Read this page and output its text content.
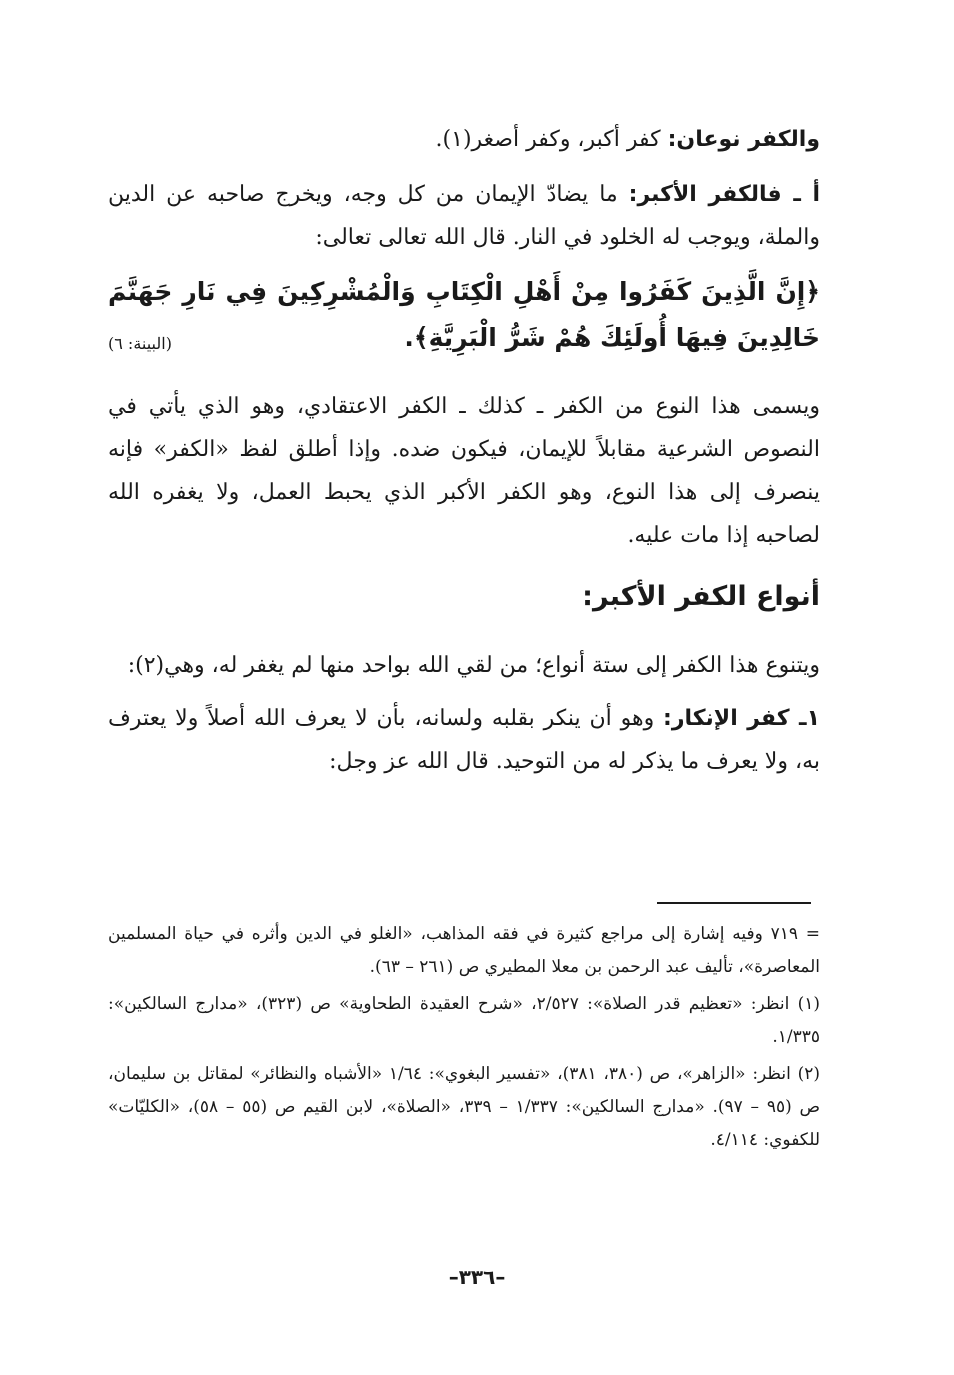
والكفر نوعان: كفر أكبر، وكفر أصغر(١).

أ ـ فالكفر الأكبر: ما يضادّ الإيمان من كل وجه، ويخرج صاحبه عن الدين والملة، ويوجب له الخلود في النار. قال الله تعالى تعالى:

﴿إِنَّ الَّذِينَ كَفَرُوا مِنْ أَهْلِ الْكِتَابِ وَالْمُشْرِكِينَ فِي نَارِ جَهَنَّمَ خَالِدِينَ فِيهَا أُولَئِكَ هُمْ شَرُّ الْبَرِيَّةِ﴾.
(البينة: ٦)

ويسمى هذا النوع من الكفر ـ كذلك ـ الكفر الاعتقادي، وهو الذي يأتي في النصوص الشرعية مقابلاً للإيمان، فيكون ضده. وإذا أطلق لفظ «الكفر» فإنه ينصرف إلى هذا النوع، وهو الكفر الأكبر الذي يحبط العمل، ولا يغفره الله لصاحبه إذا مات عليه.

أنواع الكفر الأكبر:

ويتنوع هذا الكفر إلى ستة أنواع؛ من لقي الله بواحد منها لم يغفر له، وهي(٢):

١ـ كفر الإنكار: وهو أن ينكر بقلبه ولسانه، بأن لا يعرف الله أصلاً ولا يعترف به، ولا يعرف ما يذكر له من التوحيد. قال الله عز وجل:

= ٧١٩ وفيه إشارة إلى مراجع كثيرة في فقه المذاهب، «الغلو في الدين وأثره في حياة المسلمين المعاصرة»، تأليف عبد الرحمن بن معلا المطيري ص (٢٦١ – ٦٣).

(١) انظر: «تعظيم قدر الصلاة»: ٢/٥٢٧، «شرح العقيدة الطحاوية» ص (٣٢٣)، «مدارج السالكين»: ١/٣٣٥.

(٢) انظر: «الزاهر»، ص (٣٨٠، ٣٨١)، «تفسير البغوي»: ١/٦٤ «الأشباه والنظائر» لمقاتل بن سليمان، ص (٩٥ – ٩٧). «مدارج السالكين»: ١/٣٣٧ – ٣٣٩، «الصلاة»، لابن القيم ص (٥٥ – ٥٨)، «الكليّات» للكفوي: ٤/١١٤.

–٣٣٦–
